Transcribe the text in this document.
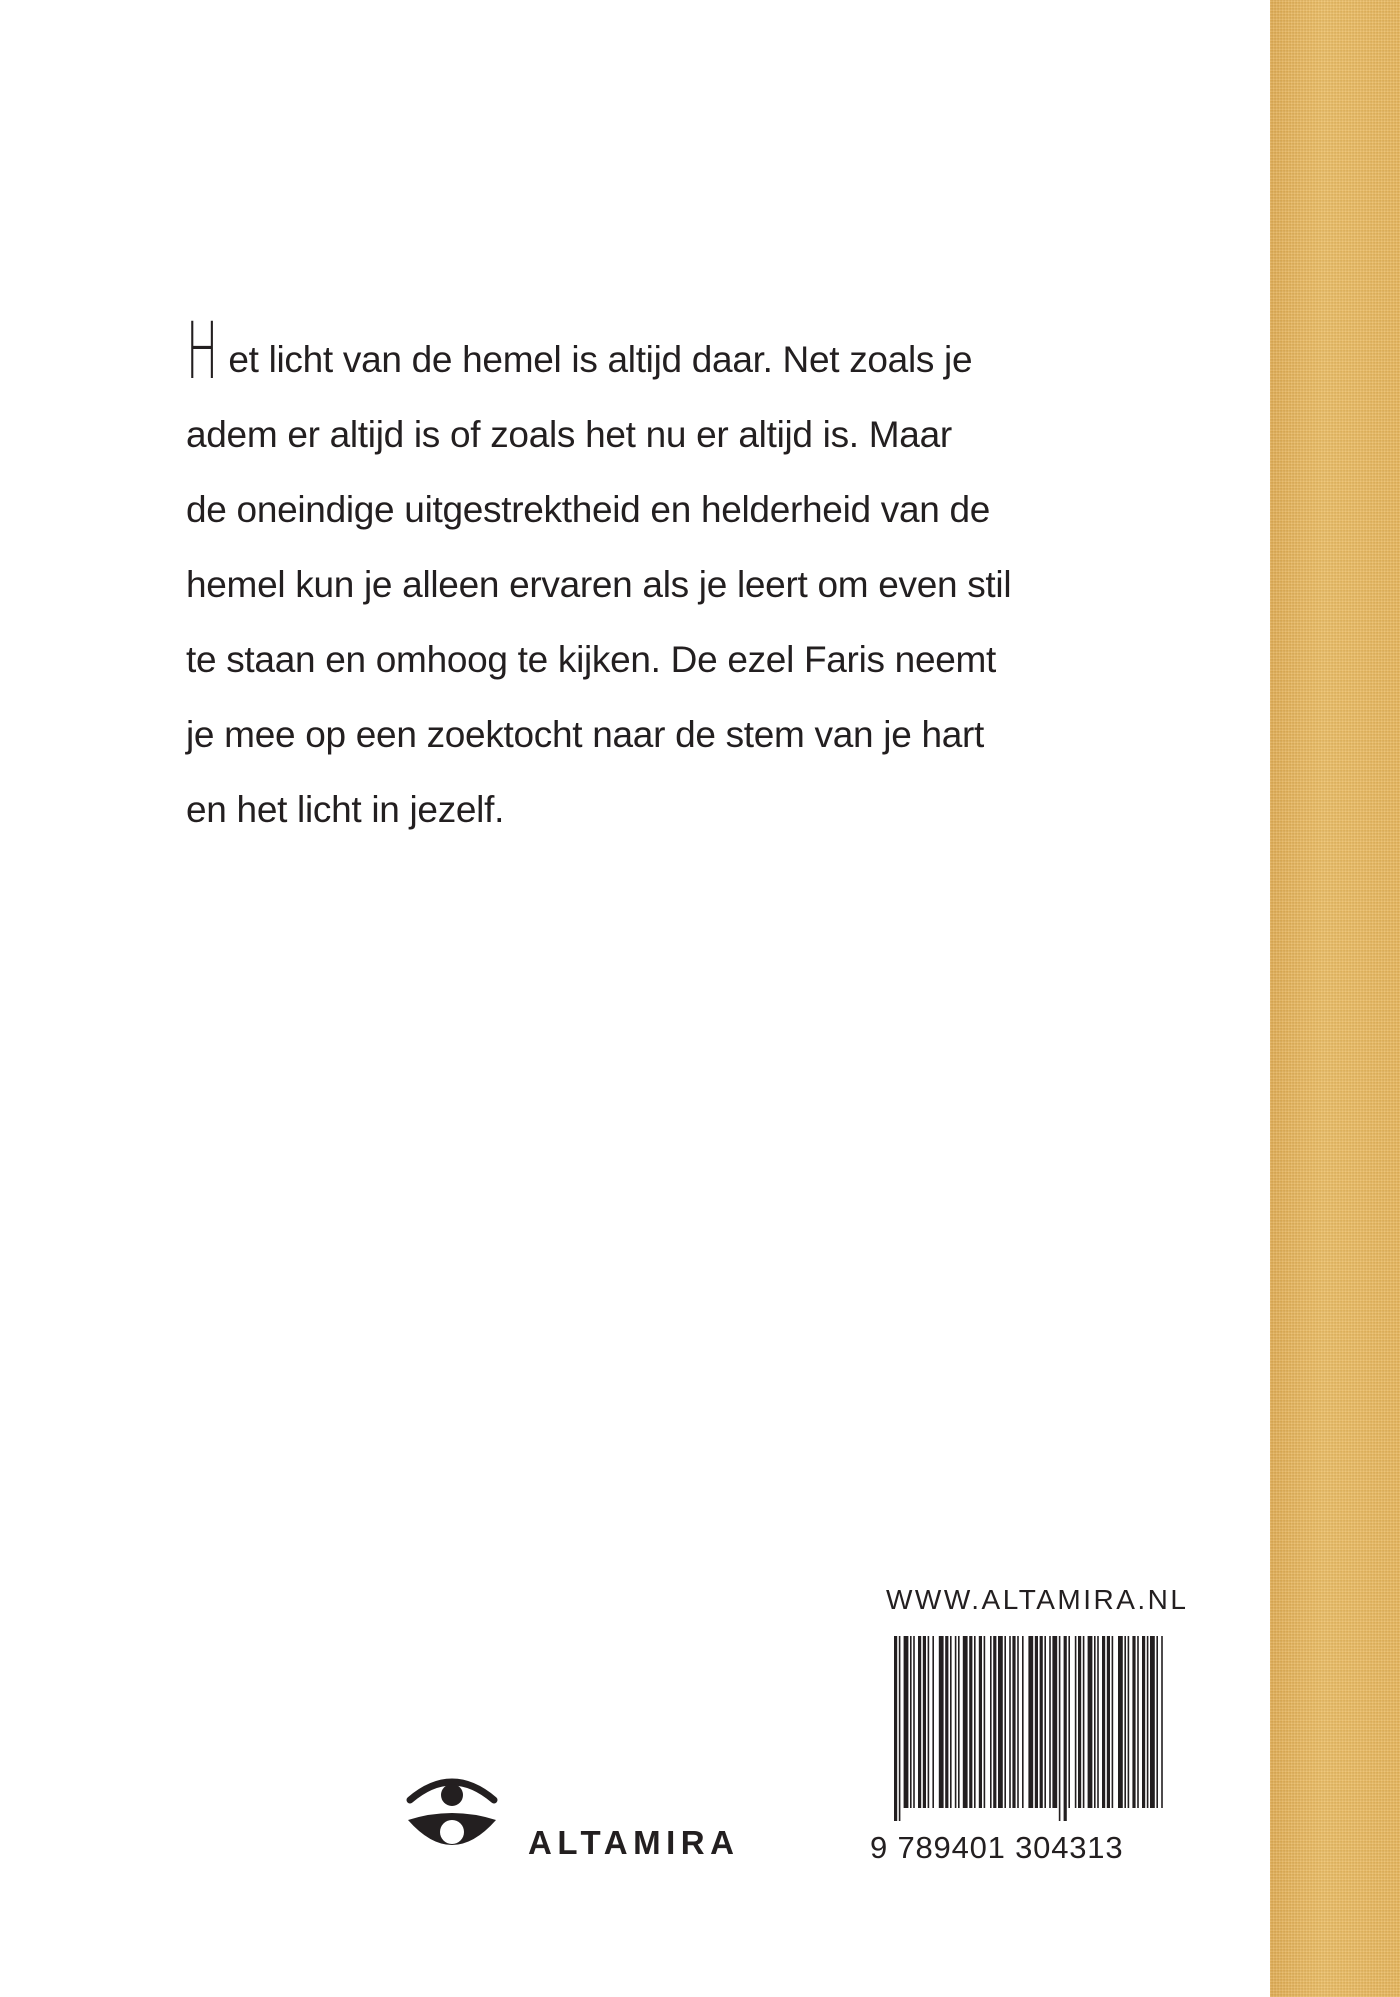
Het licht van de hemel is altijd daar. Net zoals je
adem er altijd is of zoals het nu er altijd is. Maar
de oneindige uitgestrektheid en helderheid van de
hemel kun je alleen ervaren als je leert om even stil
te staan en omhoog te kijken. De ezel Faris neemt
je mee op een zoektocht naar de stem van je hart
en het licht in jezelf.
WWW.ALTAMIRA.NL
9 789401 304313
ALTAMIRA
